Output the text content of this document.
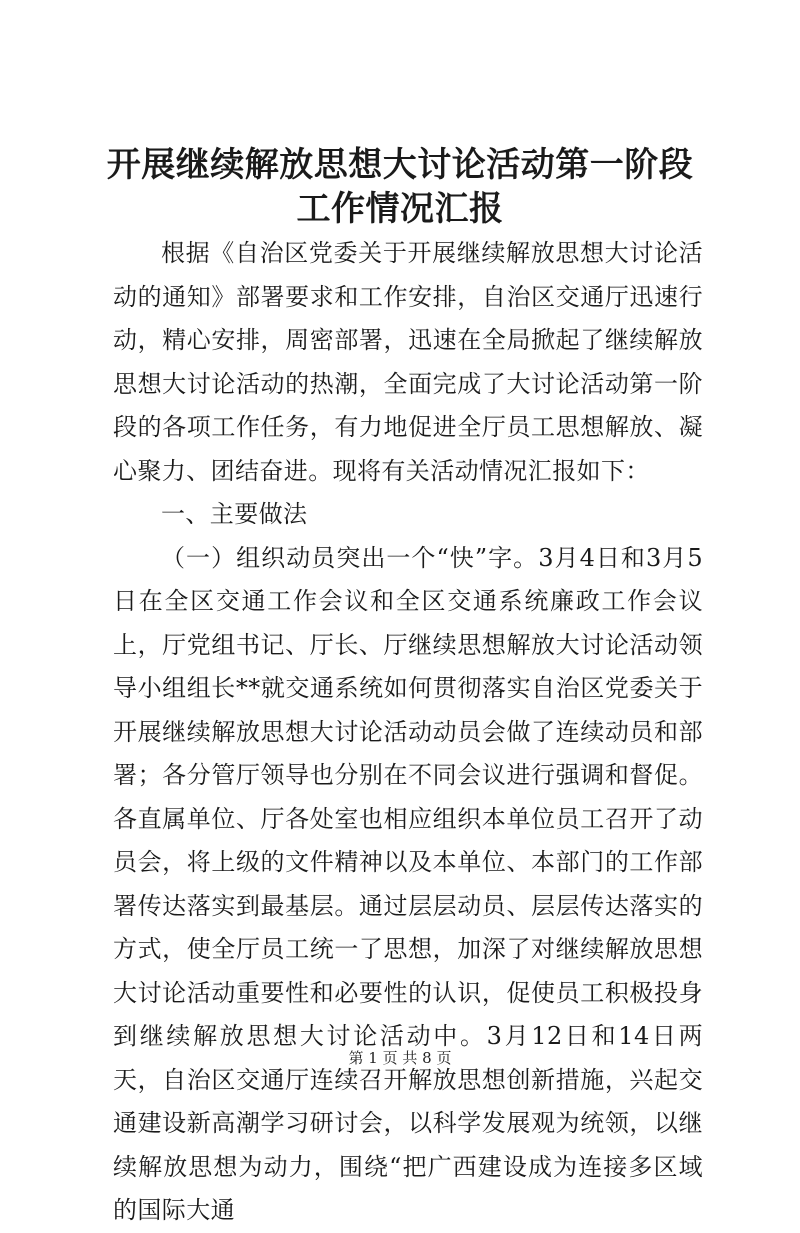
开展继续解放思想大讨论活动第一阶段工作情况汇报

根据《自治区党委关于开展继续解放思想大讨论活动的通知》部署要求和工作安排，自治区交通厅迅速行动，精心安排，周密部署，迅速在全局掀起了继续解放思想大讨论活动的热潮，全面完成了大讨论活动第一阶段的各项工作任务，有力地促进全厅员工思想解放、凝心聚力、团结奋进。现将有关活动情况汇报如下：

一、主要做法

（一）组织动员突出一个“快”字。3月4日和3月5日在全区交通工作会议和全区交通系统廉政工作会议上，厅党组书记、厅长、厅继续思想解放大讨论活动领导小组组长**就交通系统如何贯彻落实自治区党委关于开展继续解放思想大讨论活动动员会做了连续动员和部署；各分管厅领导也分别在不同会议进行强调和督促。各直属单位、厅各处室也相应组织本单位员工召开了动员会，将上级的文件精神以及本单位、本部门的工作部署传达落实到最基层。通过层层动员、层层传达落实的方式，使全厅员工统一了思想，加深了对继续解放思想大讨论活动重要性和必要性的认识，促使员工积极投身到继续解放思想大讨论活动中。3月12日和14日两天，自治区交通厅连续召开解放思想创新措施，兴起交通建设新高潮学习研讨会，以科学发展观为统领，以继续解放思想为动力，围绕“把广西建设成为连接多区域的国际大通

第 1 页 共 8 页
